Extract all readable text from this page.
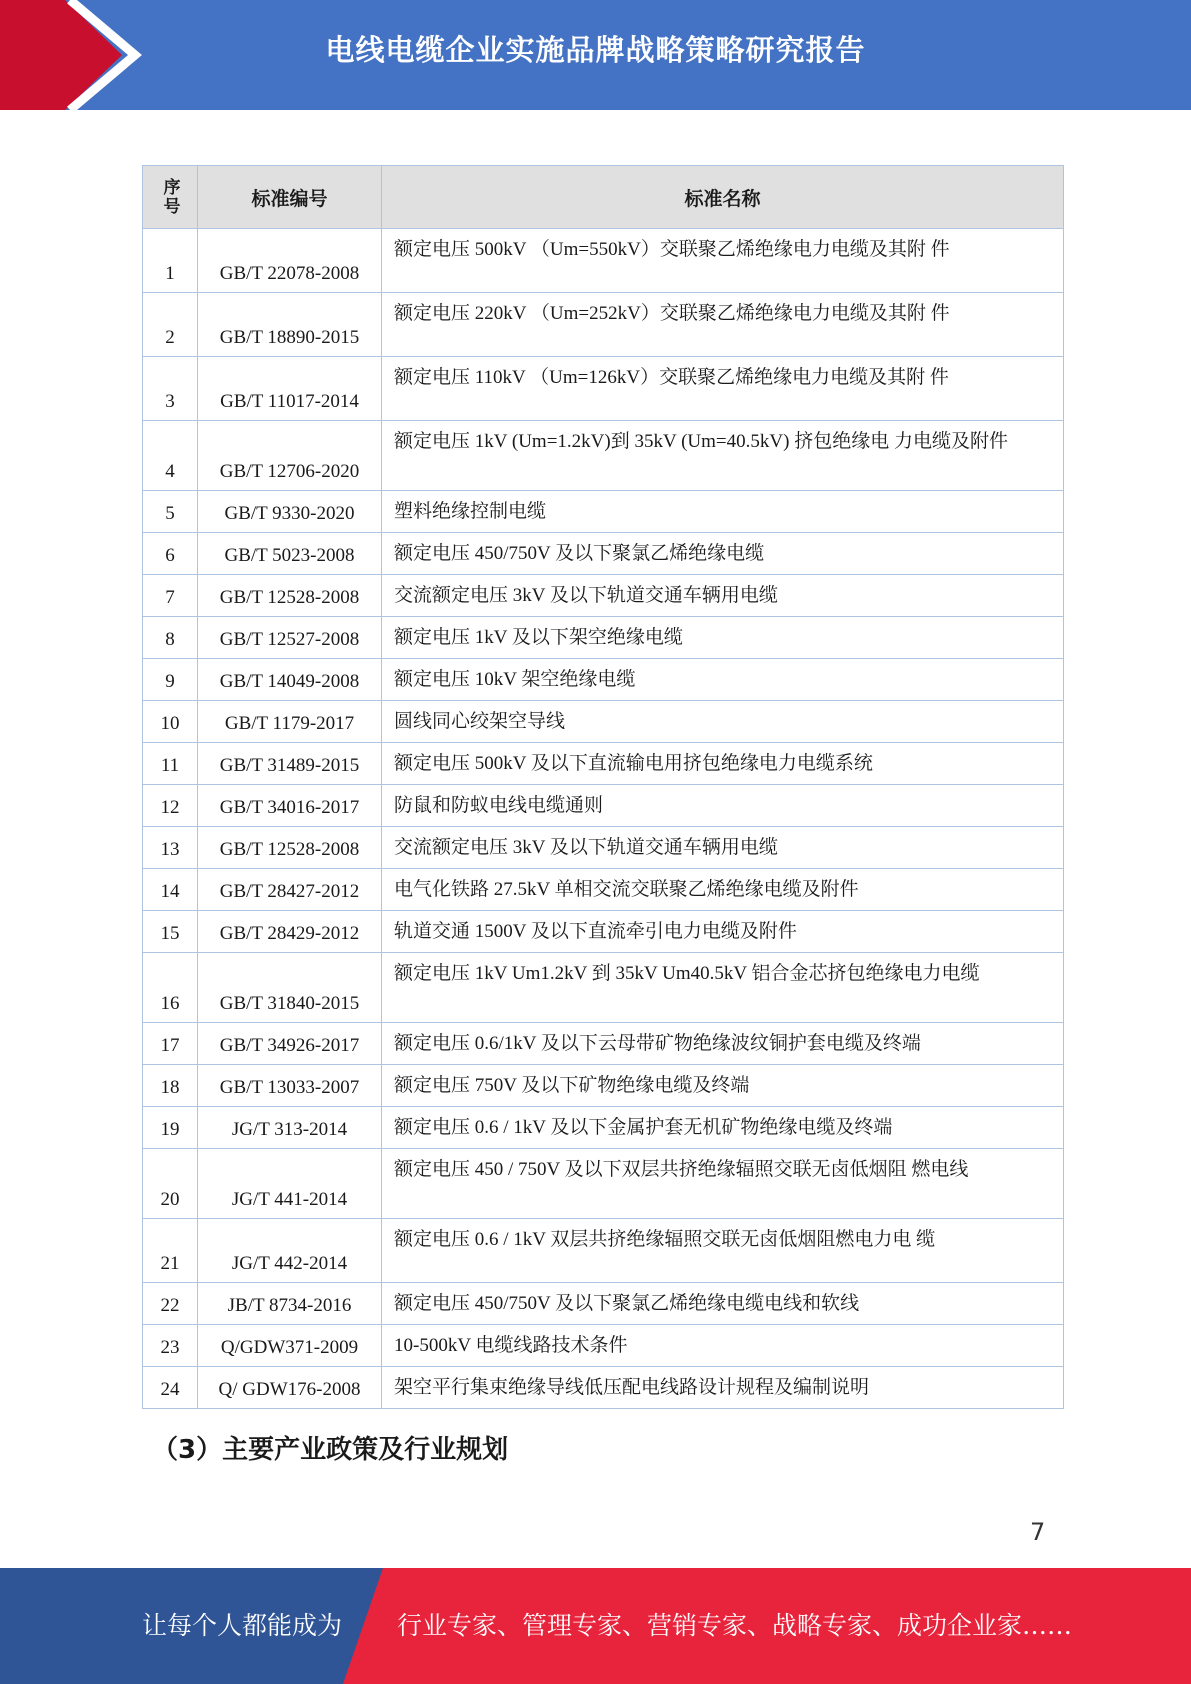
电线电缆企业实施品牌战略策略研究报告
序号	标准编号	标准名称
1	GB/T 22078-2008	额定电压 500kV （Um=550kV）交联聚乙烯绝缘电力电缆及其附 件
2	GB/T 18890-2015	额定电压 220kV （Um=252kV）交联聚乙烯绝缘电力电缆及其附 件
3	GB/T 11017-2014	额定电压 110kV （Um=126kV）交联聚乙烯绝缘电力电缆及其附 件
4	GB/T 12706-2020	额定电压 1kV (Um=1.2kV)到 35kV (Um=40.5kV) 挤包绝缘电 力电缆及附件
5	GB/T 9330-2020	塑料绝缘控制电缆
6	GB/T 5023-2008	额定电压 450/750V 及以下聚氯乙烯绝缘电缆
7	GB/T 12528-2008	交流额定电压 3kV 及以下轨道交通车辆用电缆
8	GB/T 12527-2008	额定电压 1kV 及以下架空绝缘电缆
9	GB/T 14049-2008	额定电压 10kV 架空绝缘电缆
10	GB/T 1179-2017	圆线同心绞架空导线
11	GB/T 31489-2015	额定电压 500kV 及以下直流输电用挤包绝缘电力电缆系统
12	GB/T 34016-2017	防鼠和防蚁电线电缆通则
13	GB/T 12528-2008	交流额定电压 3kV 及以下轨道交通车辆用电缆
14	GB/T 28427-2012	电气化铁路 27.5kV 单相交流交联聚乙烯绝缘电缆及附件
15	GB/T 28429-2012	轨道交通 1500V 及以下直流牵引电力电缆及附件
16	GB/T 31840-2015	额定电压 1kV Um1.2kV 到 35kV Um40.5kV 铝合金芯挤包绝缘电力电缆
17	GB/T 34926-2017	额定电压 0.6/1kV 及以下云母带矿物绝缘波纹铜护套电缆及终端
18	GB/T 13033-2007	额定电压 750V 及以下矿物绝缘电缆及终端
19	JG/T 313-2014	额定电压 0.6 / 1kV 及以下金属护套无机矿物绝缘电缆及终端
20	JG/T 441-2014	额定电压 450 / 750V 及以下双层共挤绝缘辐照交联无卤低烟阻 燃电线
21	JG/T 442-2014	额定电压 0.6 / 1kV 双层共挤绝缘辐照交联无卤低烟阻燃电力电 缆
22	JB/T 8734-2016	额定电压 450/750V 及以下聚氯乙烯绝缘电缆电线和软线
23	Q/GDW371-2009	10-500kV 电缆线路技术条件
24	Q/ GDW176-2008	架空平行集束绝缘导线低压配电线路设计规程及编制说明
（3）主要产业政策及行业规划
7
让每个人都能成为 行业专家、管理专家、营销专家、战略专家、成功企业家……
